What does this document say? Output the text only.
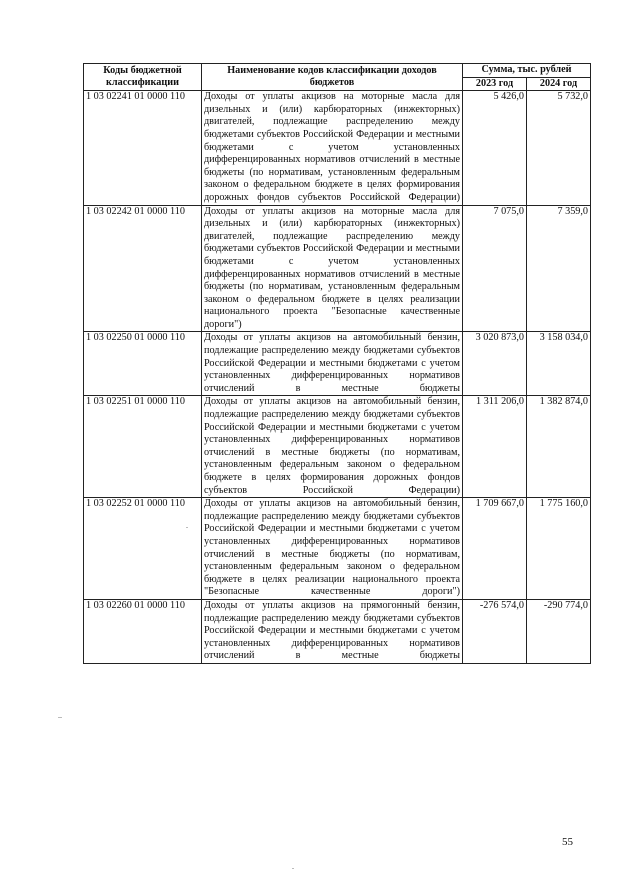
Коды бюджетной классификации	Наименование кодов классификации доходов бюджетов	Сумма, тыс. рублей	
		2023 год	2024 год
1 03 02241 01 0000 110	Доходы от уплаты акцизов на моторные масла для дизельных и (или) карбюраторных (инжекторных) двигателей, подлежащие распределению между бюджетами субъектов Российской Федерации и местными бюджетами с учетом установленных дифференцированных нормативов отчислений в местные бюджеты (по нормативам, установленным федеральным законом о федеральном бюджете в целях формирования дорожных фондов субъектов Российской Федерации)	5 426,0	5 732,0
1 03 02242 01 0000 110	Доходы от уплаты акцизов на моторные масла для дизельных и (или) карбюраторных (инжекторных) двигателей, подлежащие распределению между бюджетами субъектов Российской Федерации и местными бюджетами с учетом установленных дифференцированных нормативов отчислений в местные бюджеты (по нормативам, установленным федеральным законом о федеральном бюджете в целях реализации национального проекта "Безопасные качественные дороги")	7 075,0	7 359,0
1 03 02250 01 0000 110	Доходы от уплаты акцизов на автомобильный бензин, подлежащие распределению между бюджетами субъектов Российской Федерации и местными бюджетами с учетом установленных дифференцированных нормативов отчислений в местные бюджеты	3 020 873,0	3 158 034,0
1 03 02251 01 0000 110	Доходы от уплаты акцизов на автомобильный бензин, подлежащие распределению между бюджетами субъектов Российской Федерации и местными бюджетами с учетом установленных дифференцированных нормативов отчислений в местные бюджеты (по нормативам, установленным федеральным законом о федеральном бюджете в целях формирования дорожных фондов субъектов Российской Федерации)	1 311 206,0	1 382 874,0
1 03 02252 01 0000 110	Доходы от уплаты акцизов на автомобильный бензин, подлежащие распределению между бюджетами субъектов Российской Федерации и местными бюджетами с учетом установленных дифференцированных нормативов отчислений в местные бюджеты (по нормативам, установленным федеральным законом о федеральном бюджете в целях реализации национального проекта "Безопасные качественные дороги")	1 709 667,0	1 775 160,0
1 03 02260 01 0000 110	Доходы от уплаты акцизов на прямогонный бензин, подлежащие распределению между бюджетами субъектов Российской Федерации и местными бюджетами с учетом установленных дифференцированных нормативов отчислений в местные бюджеты	-276 574,0	-290 774,0
55
